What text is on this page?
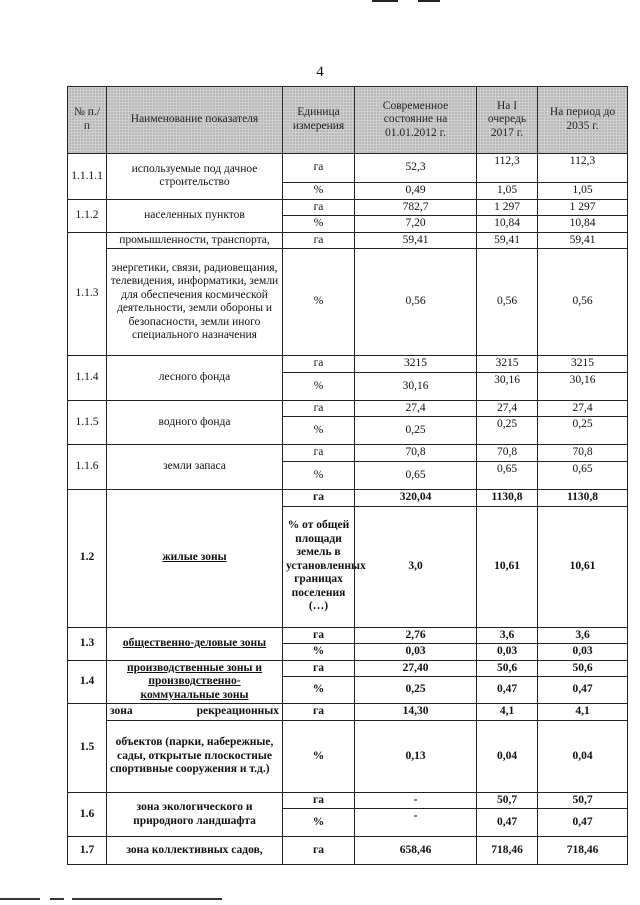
4
№ п./п	Наименование показателя	Единица измерения	Современное состояние на 01.01.2012 г.	На I очередь 2017 г.	На период до 2035 г.
1.1.1.1	используемые под дачное строительство	га	52,3	112,3	112,3
		%	0,49	1,05	1,05
1.1.2	населенных пунктов	га	782,7	1 297	1 297
		%	7,20	10,84	10,84
1.1.3	промышленности, транспорта,	га	59,41	59,41	59,41
	энергетики, связи, радиовещания, телевидения, информатики, земли для обеспечения космической деятельности, земли обороны и безопасности, земли иного специального назначения	%	0,56	0,56	0,56
1.1.4	лесного фонда	га	3215	3215	3215
		%	30,16	30,16	30,16
1.1.5	водного фонда	га	27,4	27,4	27,4
		%	0,25	0,25	0,25
1.1.6	земли запаса	га	70,8	70,8	70,8
		%	0,65	0,65	0,65
1.2	жилые зоны	га	320,04	1130,8	1130,8
		% от общей площади земель в установленных границах поселения (…)	3,0	10,61	10,61
1.3	общественно-деловые зоны	га	2,76	3,6	3,6
		%	0,03	0,03	0,03
1.4	производственные зоны и производственно-коммунальные зоны	га	27,40	50,6	50,6
		%	0,25	0,47	0,47
1.5	зона рекреационных	га	14,30	4,1	4,1
	объектов (парки, набережные, сады, открытые плоскостные спортивные сооружения и т.д.)	%	0,13	0,04	0,04
1.6	зона экологического и природного ландшафта	га	-	50,7	50,7
		%	-	0,47	0,47
1.7	зона коллективных садов,	га	658,46	718,46	718,46
